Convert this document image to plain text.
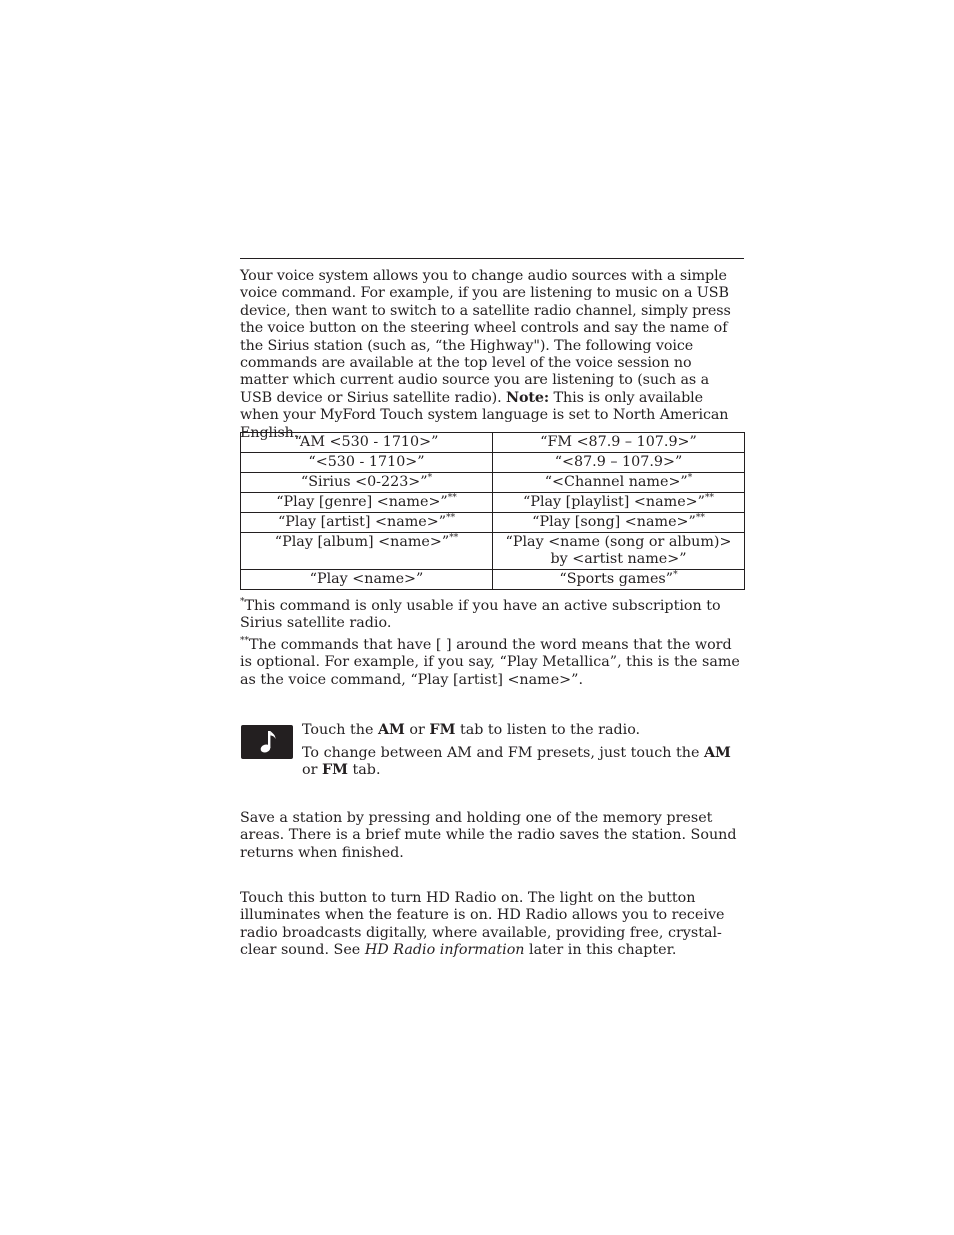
Your voice system allows you to change audio sources with a simple voice command. For example, if you are listening to music on a USB device, then want to switch to a satellite radio channel, simply press the voice button on the steering wheel controls and say the name of the Sirius station (such as, “the Highway"). The following voice commands are available at the top level of the voice session no matter which current audio source you are listening to (such as a USB device or Sirius satellite radio). Note: This is only available when your MyFord Touch system language is set to North American English.

“AM <530 - 1710>”	“FM <87.9 – 107.9>”
“<530 - 1710>”	“<87.9 – 107.9>”
“Sirius <0-223>”*	“<Channel name>”*
“Play [genre] <name>”**	“Play [playlist] <name>”**
“Play [artist] <name>”**	“Play [song] <name>”**
“Play [album] <name>”**	“Play <name (song or album)> by <artist name>”
“Play <name>”	“Sports games”*

*This command is only usable if you have an active subscription to Sirius satellite radio.

**The commands that have [ ] around the word means that the word is optional. For example, if you say, “Play Metallica”, this is the same as the voice command, “Play [artist] <name>”.

Touch the AM or FM tab to listen to the radio.

To change between AM and FM presets, just touch the AM or FM tab.

Save a station by pressing and holding one of the memory preset areas. There is a brief mute while the radio saves the station. Sound returns when finished.

Touch this button to turn HD Radio on. The light on the button illuminates when the feature is on. HD Radio allows you to receive radio broadcasts digitally, where available, providing free, crystal-clear sound. See HD Radio information later in this chapter.
